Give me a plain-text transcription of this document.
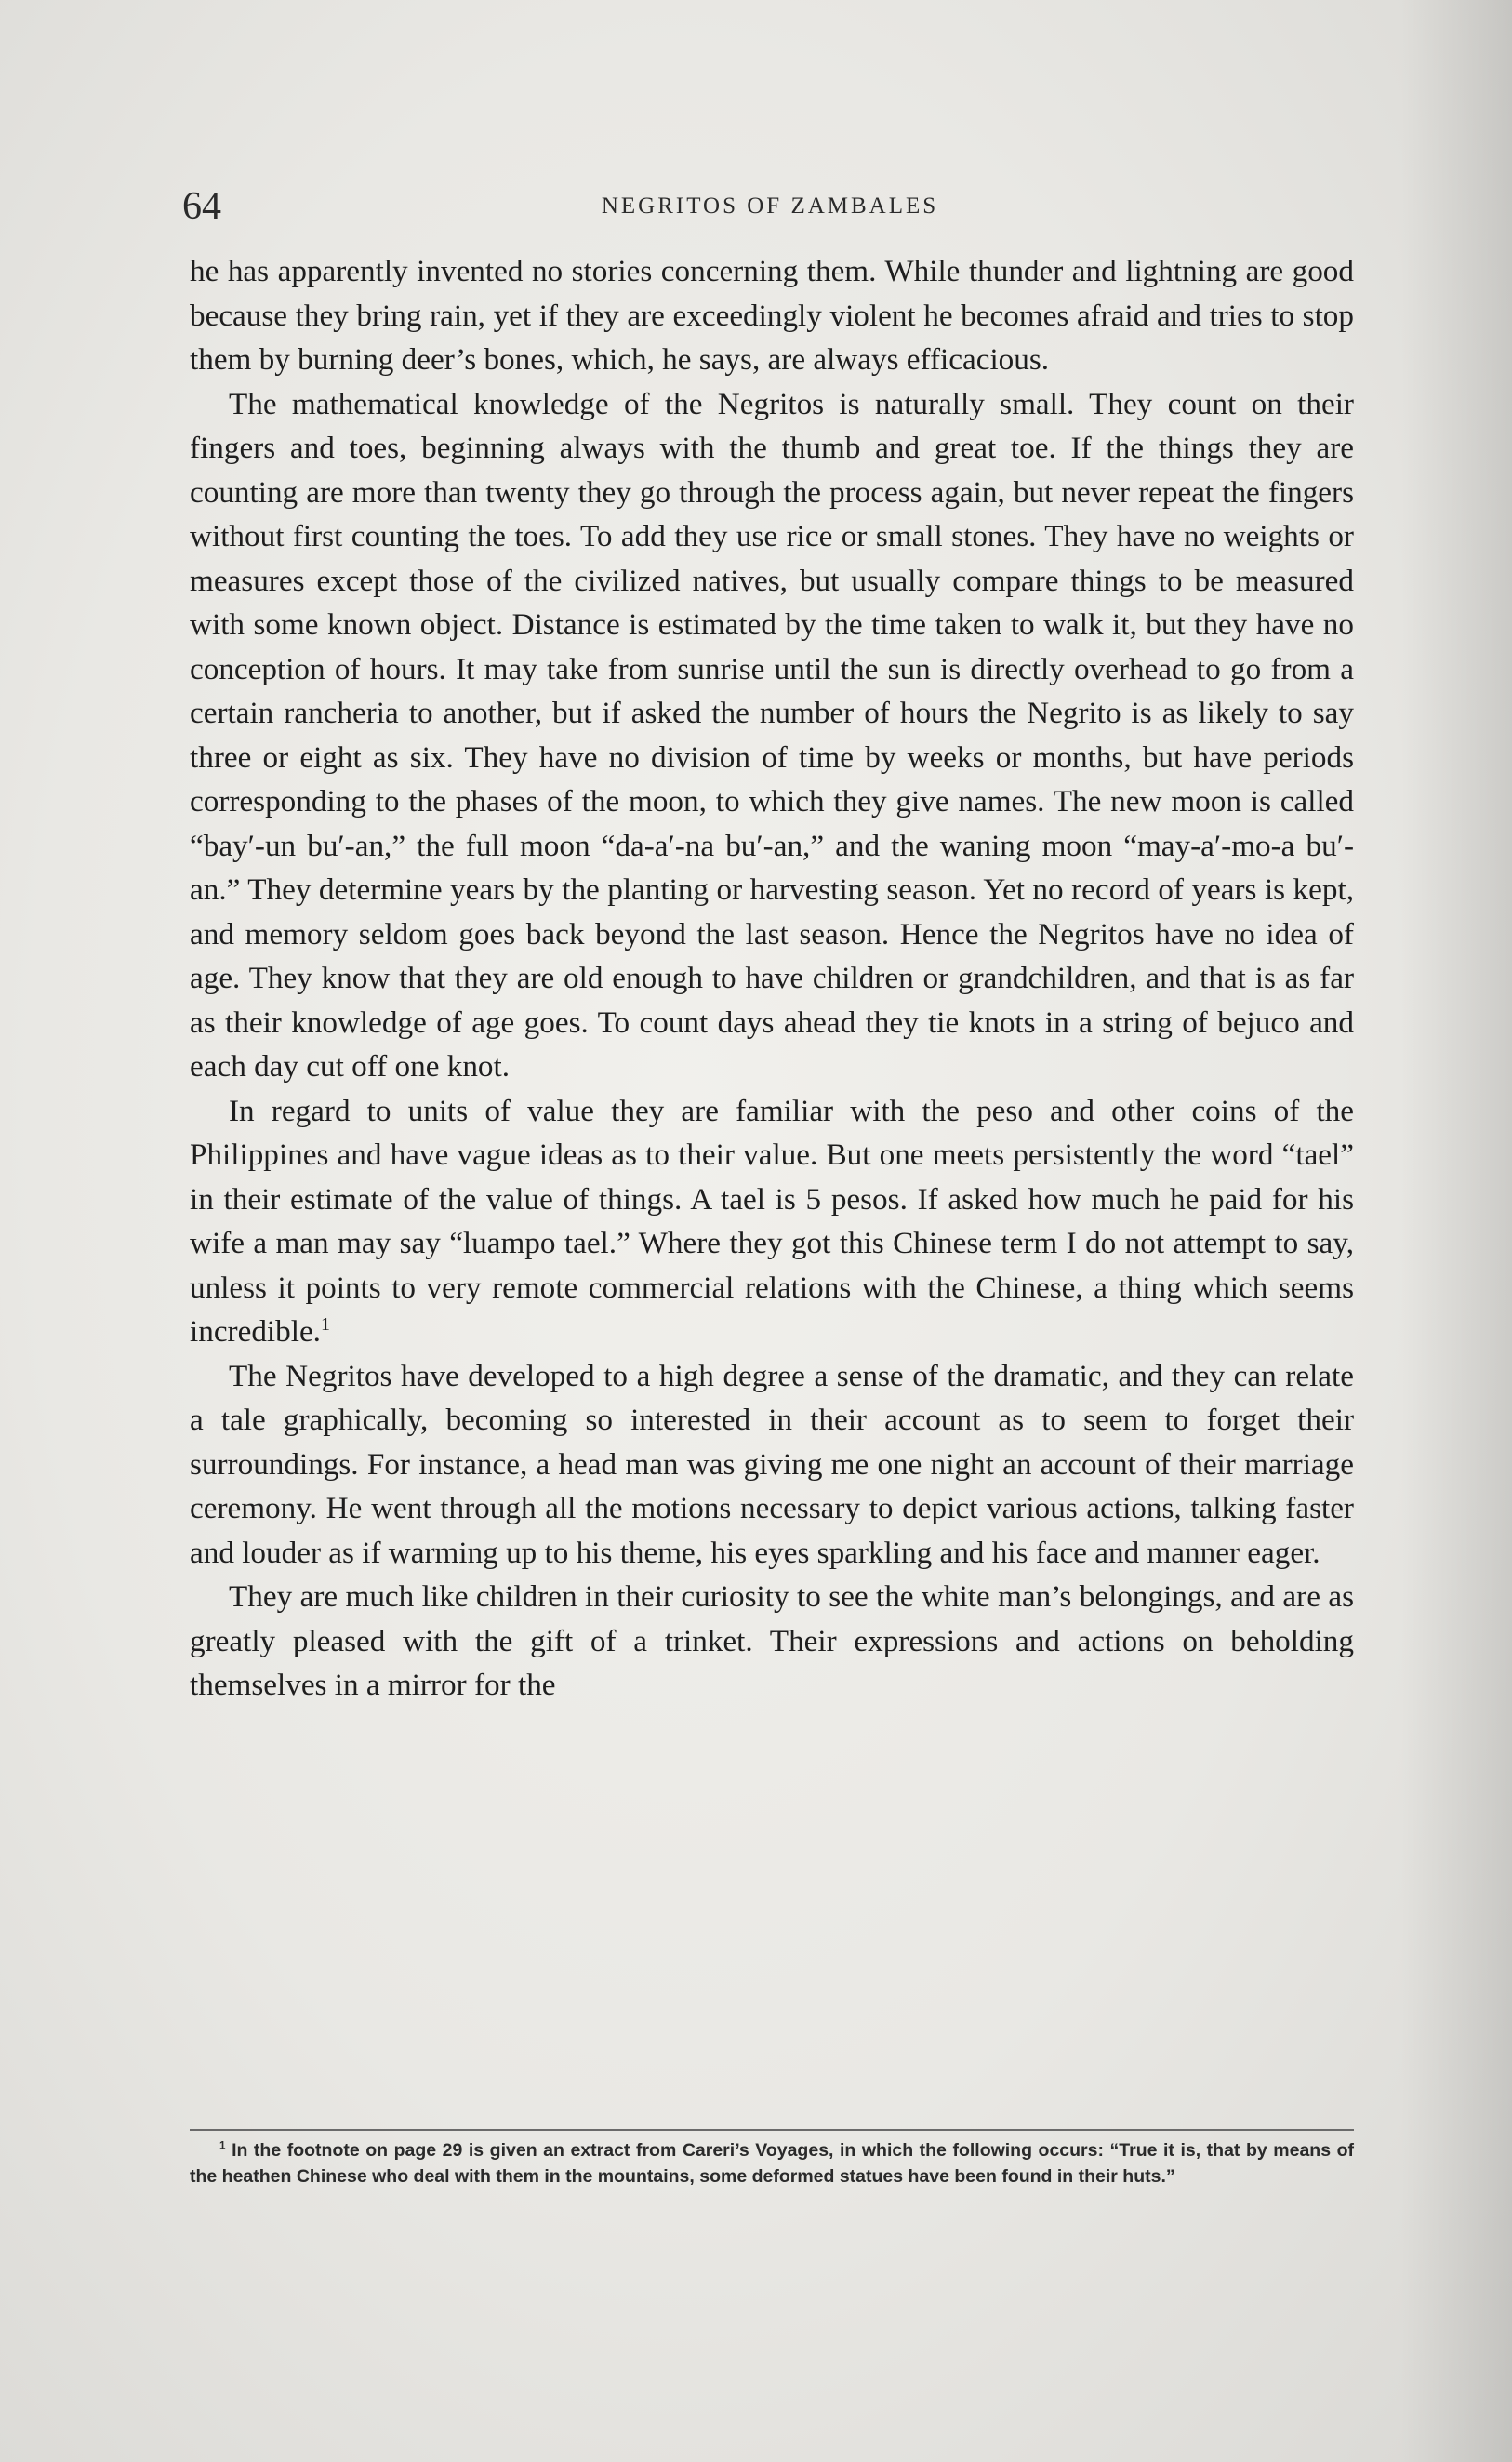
64	NEGRITOS OF ZAMBALES

he has apparently invented no stories concerning them. While thunder and lightning are good because they bring rain, yet if they are exceedingly violent he becomes afraid and tries to stop them by burning deer’s bones, which, he says, are always efficacious.

The mathematical knowledge of the Negritos is naturally small. They count on their fingers and toes, beginning always with the thumb and great toe. If the things they are counting are more than twenty they go through the process again, but never repeat the fingers without first counting the toes. To add they use rice or small stones. They have no weights or measures except those of the civilized natives, but usually compare things to be measured with some known object. Distance is estimated by the time taken to walk it, but they have no conception of hours. It may take from sunrise until the sun is directly overhead to go from a certain rancheria to another, but if asked the number of hours the Negrito is as likely to say three or eight as six. They have no division of time by weeks or months, but have periods corresponding to the phases of the moon, to which they give names. The new moon is called “bay′-un bu′-an,” the full moon “da-a′-na bu′-an,” and the waning moon “may-a′-mo-a bu′-an.” They determine years by the planting or harvesting season. Yet no record of years is kept, and memory seldom goes back beyond the last season. Hence the Negritos have no idea of age. They know that they are old enough to have children or grandchildren, and that is as far as their knowledge of age goes. To count days ahead they tie knots in a string of bejuco and each day cut off one knot.

In regard to units of value they are familiar with the peso and other coins of the Philippines and have vague ideas as to their value. But one meets persistently the word “tael” in their estimate of the value of things. A tael is 5 pesos. If asked how much he paid for his wife a man may say “luampo tael.” Where they got this Chinese term I do not attempt to say, unless it points to very remote commercial relations with the Chinese, a thing which seems incredible.$^1$

The Negritos have developed to a high degree a sense of the dramatic, and they can relate a tale graphically, becoming so interested in their account as to seem to forget their surroundings. For instance, a head man was giving me one night an account of their marriage ceremony. He went through all the motions necessary to depict various actions, talking faster and louder as if warming up to his theme, his eyes sparkling and his face and manner eager.

They are much like children in their curiosity to see the white man’s belongings, and are as greatly pleased with the gift of a trinket. Their expressions and actions on beholding themselves in a mirror for the

$^1$ In the footnote on page 29 is given an extract from Careri’s Voyages, in which the following occurs: “True it is, that by means of the heathen Chinese who deal with them in the mountains, some deformed statues have been found in their huts.”
